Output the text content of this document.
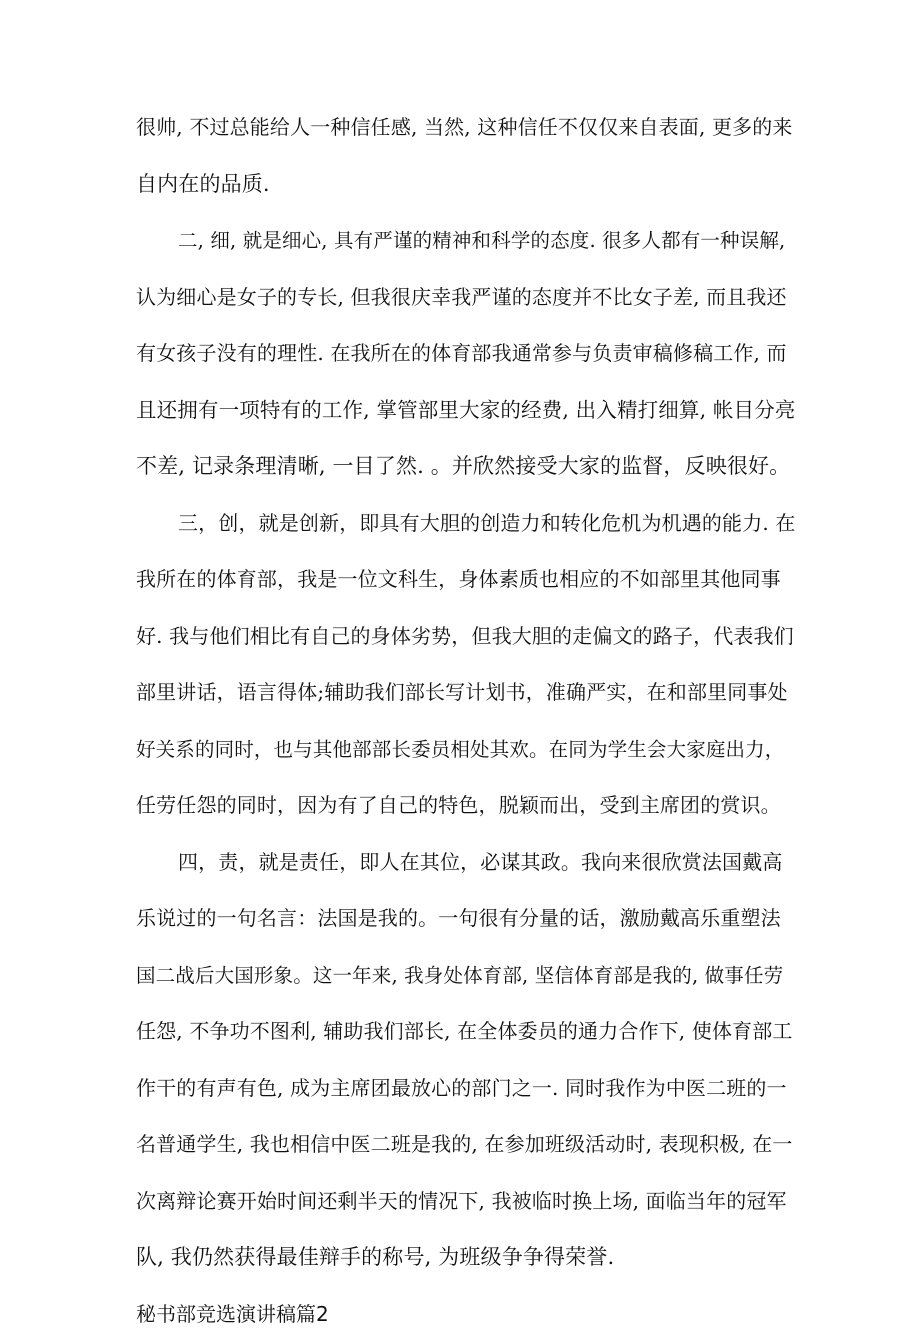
很帅, 不过总能给人一种信任感, 当然, 这种信任不仅仅来自表面, 更多的来

自内在的品质.

二, 细, 就是细心, 具有严谨的精神和科学的态度. 很多人都有一种误解,

认为细心是女子的专长, 但我很庆幸我严谨的态度并不比女子差, 而且我还

有女孩子没有的理性. 在我所在的体育部我通常参与负责审稿修稿工作, 而

且还拥有一项特有的工作, 掌管部里大家的经费, 出入精打细算, 帐目分亮

不差, 记录条理清晰, 一目了然. 。并欣然接受大家的监督，反映很好。

三，创，就是创新，即具有大胆的创造力和转化危机为机遇的能力. 在

我所在的体育部，我是一位文科生，身体素质也相应的不如部里其他同事

好. 我与他们相比有自己的身体劣势，但我大胆的走偏文的路子，代表我们

部里讲话，语言得体;辅助我们部长写计划书，准确严实，在和部里同事处

好关系的同时，也与其他部部长委员相处其欢。在同为学生会大家庭出力，

任劳任怨的同时，因为有了自己的特色，脱颖而出，受到主席团的赏识。

四，责，就是责任，即人在其位，必谋其政。我向来很欣赏法国戴高

乐说过的一句名言：法国是我的。一句很有分量的话，激励戴高乐重塑法

国二战后大国形象。这一年来, 我身处体育部, 坚信体育部是我的, 做事任劳

任怨, 不争功不图利, 辅助我们部长, 在全体委员的通力合作下, 使体育部工

作干的有声有色, 成为主席团最放心的部门之一. 同时我作为中医二班的一

名普通学生, 我也相信中医二班是我的, 在参加班级活动时, 表现积极, 在一

次离辩论赛开始时间还剩半天的情况下, 我被临时换上场, 面临当年的冠军

队, 我仍然获得最佳辩手的称号, 为班级争争得荣誉.

秘书部竞选演讲稿篇2
